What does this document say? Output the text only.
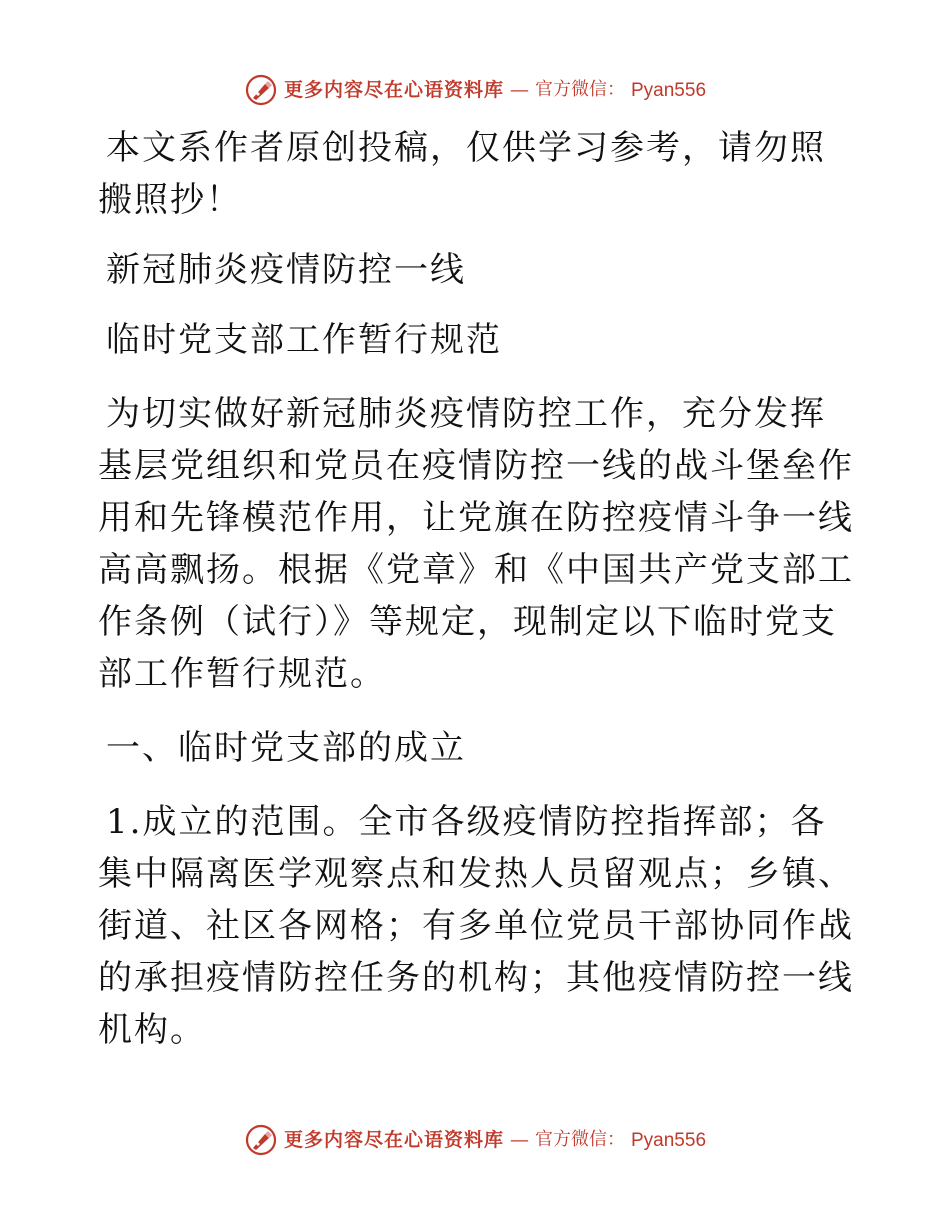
更多内容尽在心语资料库 — 官方微信： Pyan556

本文系作者原创投稿，仅供学习参考，请勿照搬照抄！

新冠肺炎疫情防控一线

临时党支部工作暂行规范

为切实做好新冠肺炎疫情防控工作，充分发挥基层党组织和党员在疫情防控一线的战斗堡垒作用和先锋模范作用，让党旗在防控疫情斗争一线高高飘扬。根据《党章》和《中国共产党支部工作条例（试行）》等规定，现制定以下临时党支部工作暂行规范。

一、临时党支部的成立

1.成立的范围。全市各级疫情防控指挥部；各集中隔离医学观察点和发热人员留观点；乡镇、街道、社区各网格；有多单位党员干部协同作战的承担疫情防控任务的机构；其他疫情防控一线机构。

更多内容尽在心语资料库 — 官方微信： Pyan556
